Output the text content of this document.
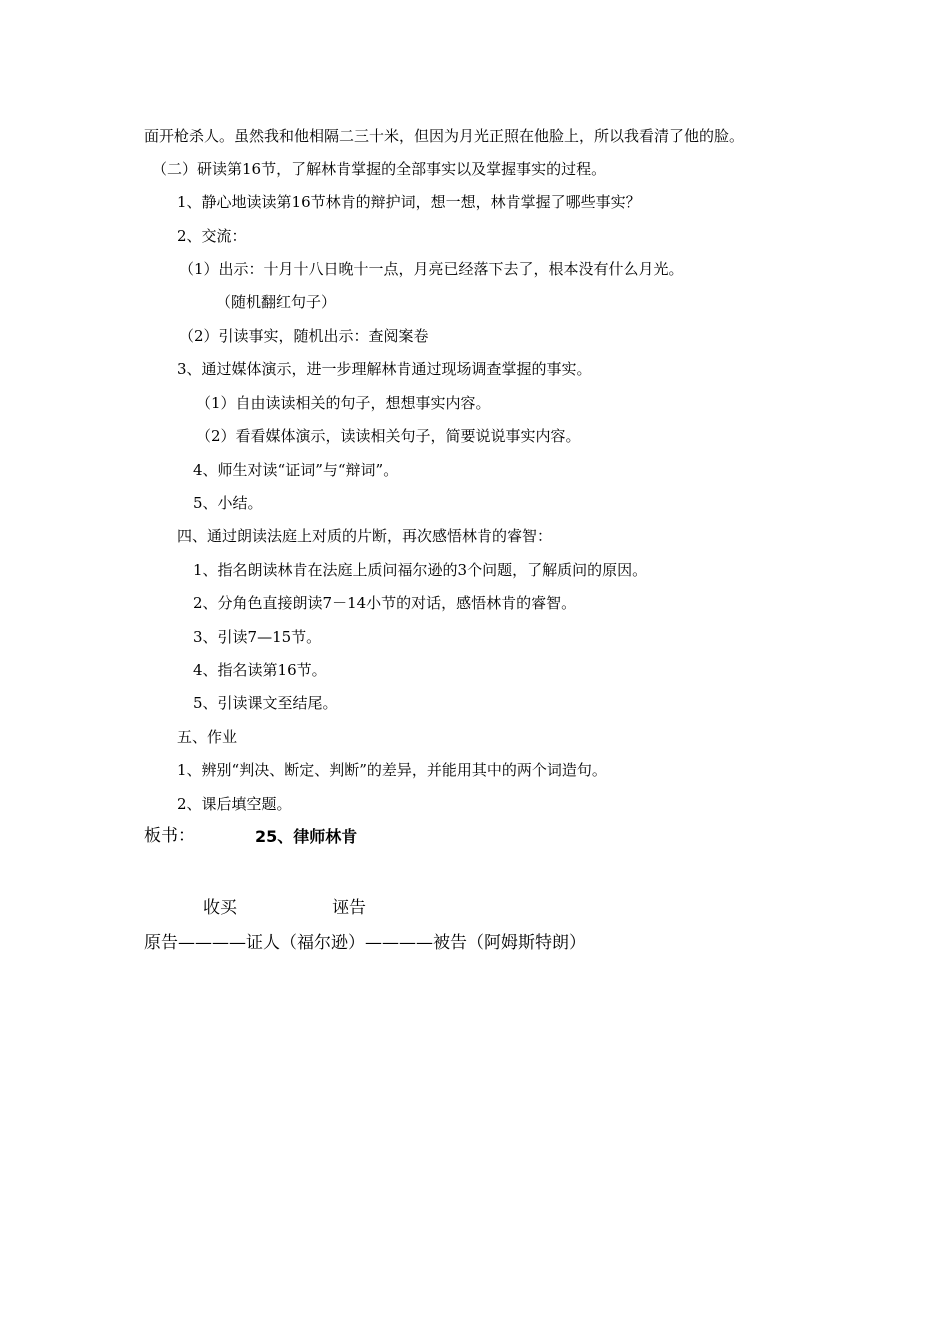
面开枪杀人。虽然我和他相隔二三十米，但因为月光正照在他脸上，所以我看清了他的脸。
（二）研读第16节，了解林肯掌握的全部事实以及掌握事实的过程。
1、静心地读读第16节林肯的辩护词，想一想，林肯掌握了哪些事实？
2、交流：
（1）出示：十月十八日晚十一点，月亮已经落下去了，根本没有什么月光。
（随机翻红句子）
（2）引读事实，随机出示：查阅案卷
3、通过媒体演示，进一步理解林肯通过现场调查掌握的事实。
（1）自由读读相关的句子，想想事实内容。
（2）看看媒体演示，读读相关句子，简要说说事实内容。
4、师生对读“证词”与“辩词”。
5、小结。
四、通过朗读法庭上对质的片断，再次感悟林肯的睿智：
1、指名朗读林肯在法庭上质问福尔逊的3个问题，了解质问的原因。
2、分角色直接朗读7－14小节的对话，感悟林肯的睿智。
3、引读7—15节。
4、指名读第16节。
5、引读课文至结尾。
五、作业
1、辨别“判决、断定、判断”的差异，并能用其中的两个词造句。
2、课后填空题。
板书：	25、律师林肯
收买	诬告
原告————证人（福尔逊）————被告（阿姆斯特朗）
